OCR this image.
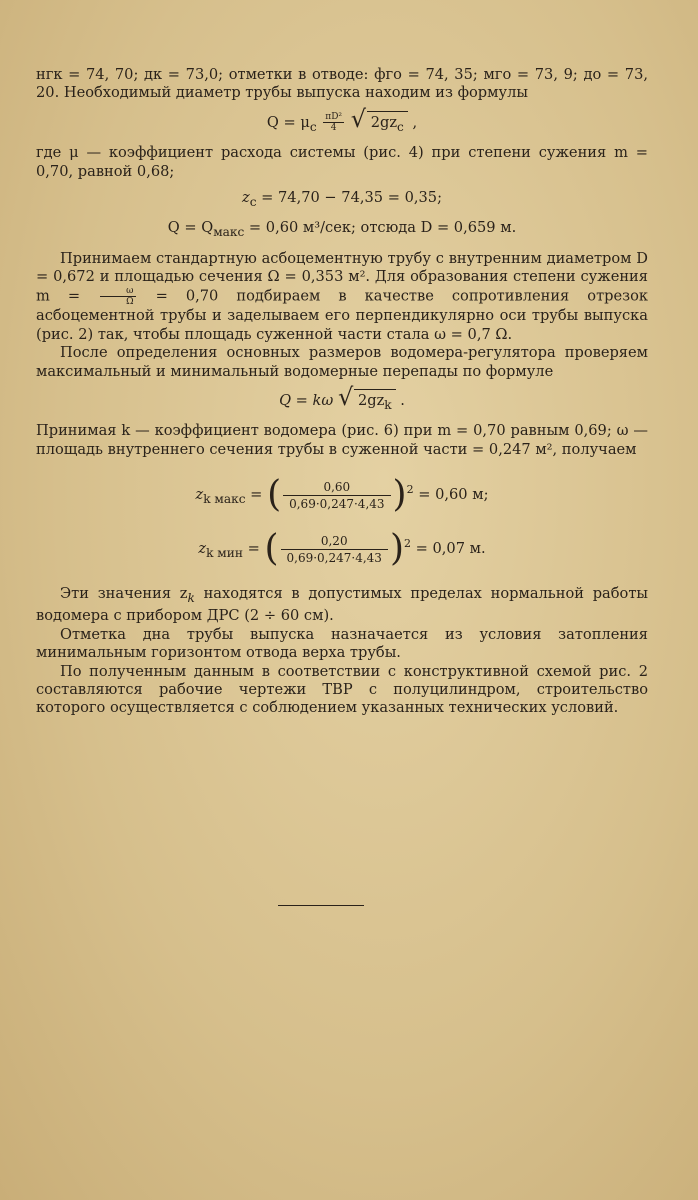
нгк = 74, 70; дк = 73,0; отметки в отводе: фго = 74, 35; мго = 73, 9; до = 73, 20. Необходимый диаметр трубы выпуска находим из формулы

$Q = \mu_с \frac{\text{πD²}}{4}$
√ $2gz_с$ ,

где μ — коэффициент расхода системы (рис. 4) при степени сужения m = 0,70, равной 0,68;

$z_с = 74,70 - 74,35 = 0,35$;
$Q = Q_{макс} = 0,60$ м³/сек; отсюда D = 0,659 м.

Принимаем стандартную асбоцементную трубу с внутренним диаметром D = 0,672 и площадью сечения Ω = 0,353 м². Для образования степени сужения $m = \frac{\omega}{\Omega} = 0,70$ подбираем в качестве сопротивления отрезок асбоцементной трубы и заделываем его перпендикулярно оси трубы выпуска (рис. 2) так, чтобы площадь суженной части стала ω = 0,7 Ω.

После определения основных размеров водомера-регулятора проверяем максимальный и минимальный водомерные перепады по формуле

Q = kω √ $2gz_k$ .

Принимая k — коэффициент водомера (рис. 6) при m = 0,70 равным 0,69; ω — площадь внутреннего сечения трубы в суженной части = 0,247 м², получаем

$z_{k макс}$ = ( $\frac{0,60}{0,69\cdot 0,247\cdot 4,43} )^2 = 0,60$ м;
$z_{k мин}$ = ( $\frac{0,20}{0,69\cdot 0,247\cdot 4,43} )^2 = 0,07$ м.

Эти значения $z_k$ находятся в допустимых пределах нормальной работы водомера с прибором ДРС (2 ÷ 60 см).

Отметка дна трубы выпуска назначается из условия затопления минимальным горизонтом отвода верха трубы.

По полученным данным в соответствии с конструктивной схемой рис. 2 составляются рабочие чертежи ТВР с полуцилиндром, строительство которого осуществляется с соблюдением указанных технических условий.
